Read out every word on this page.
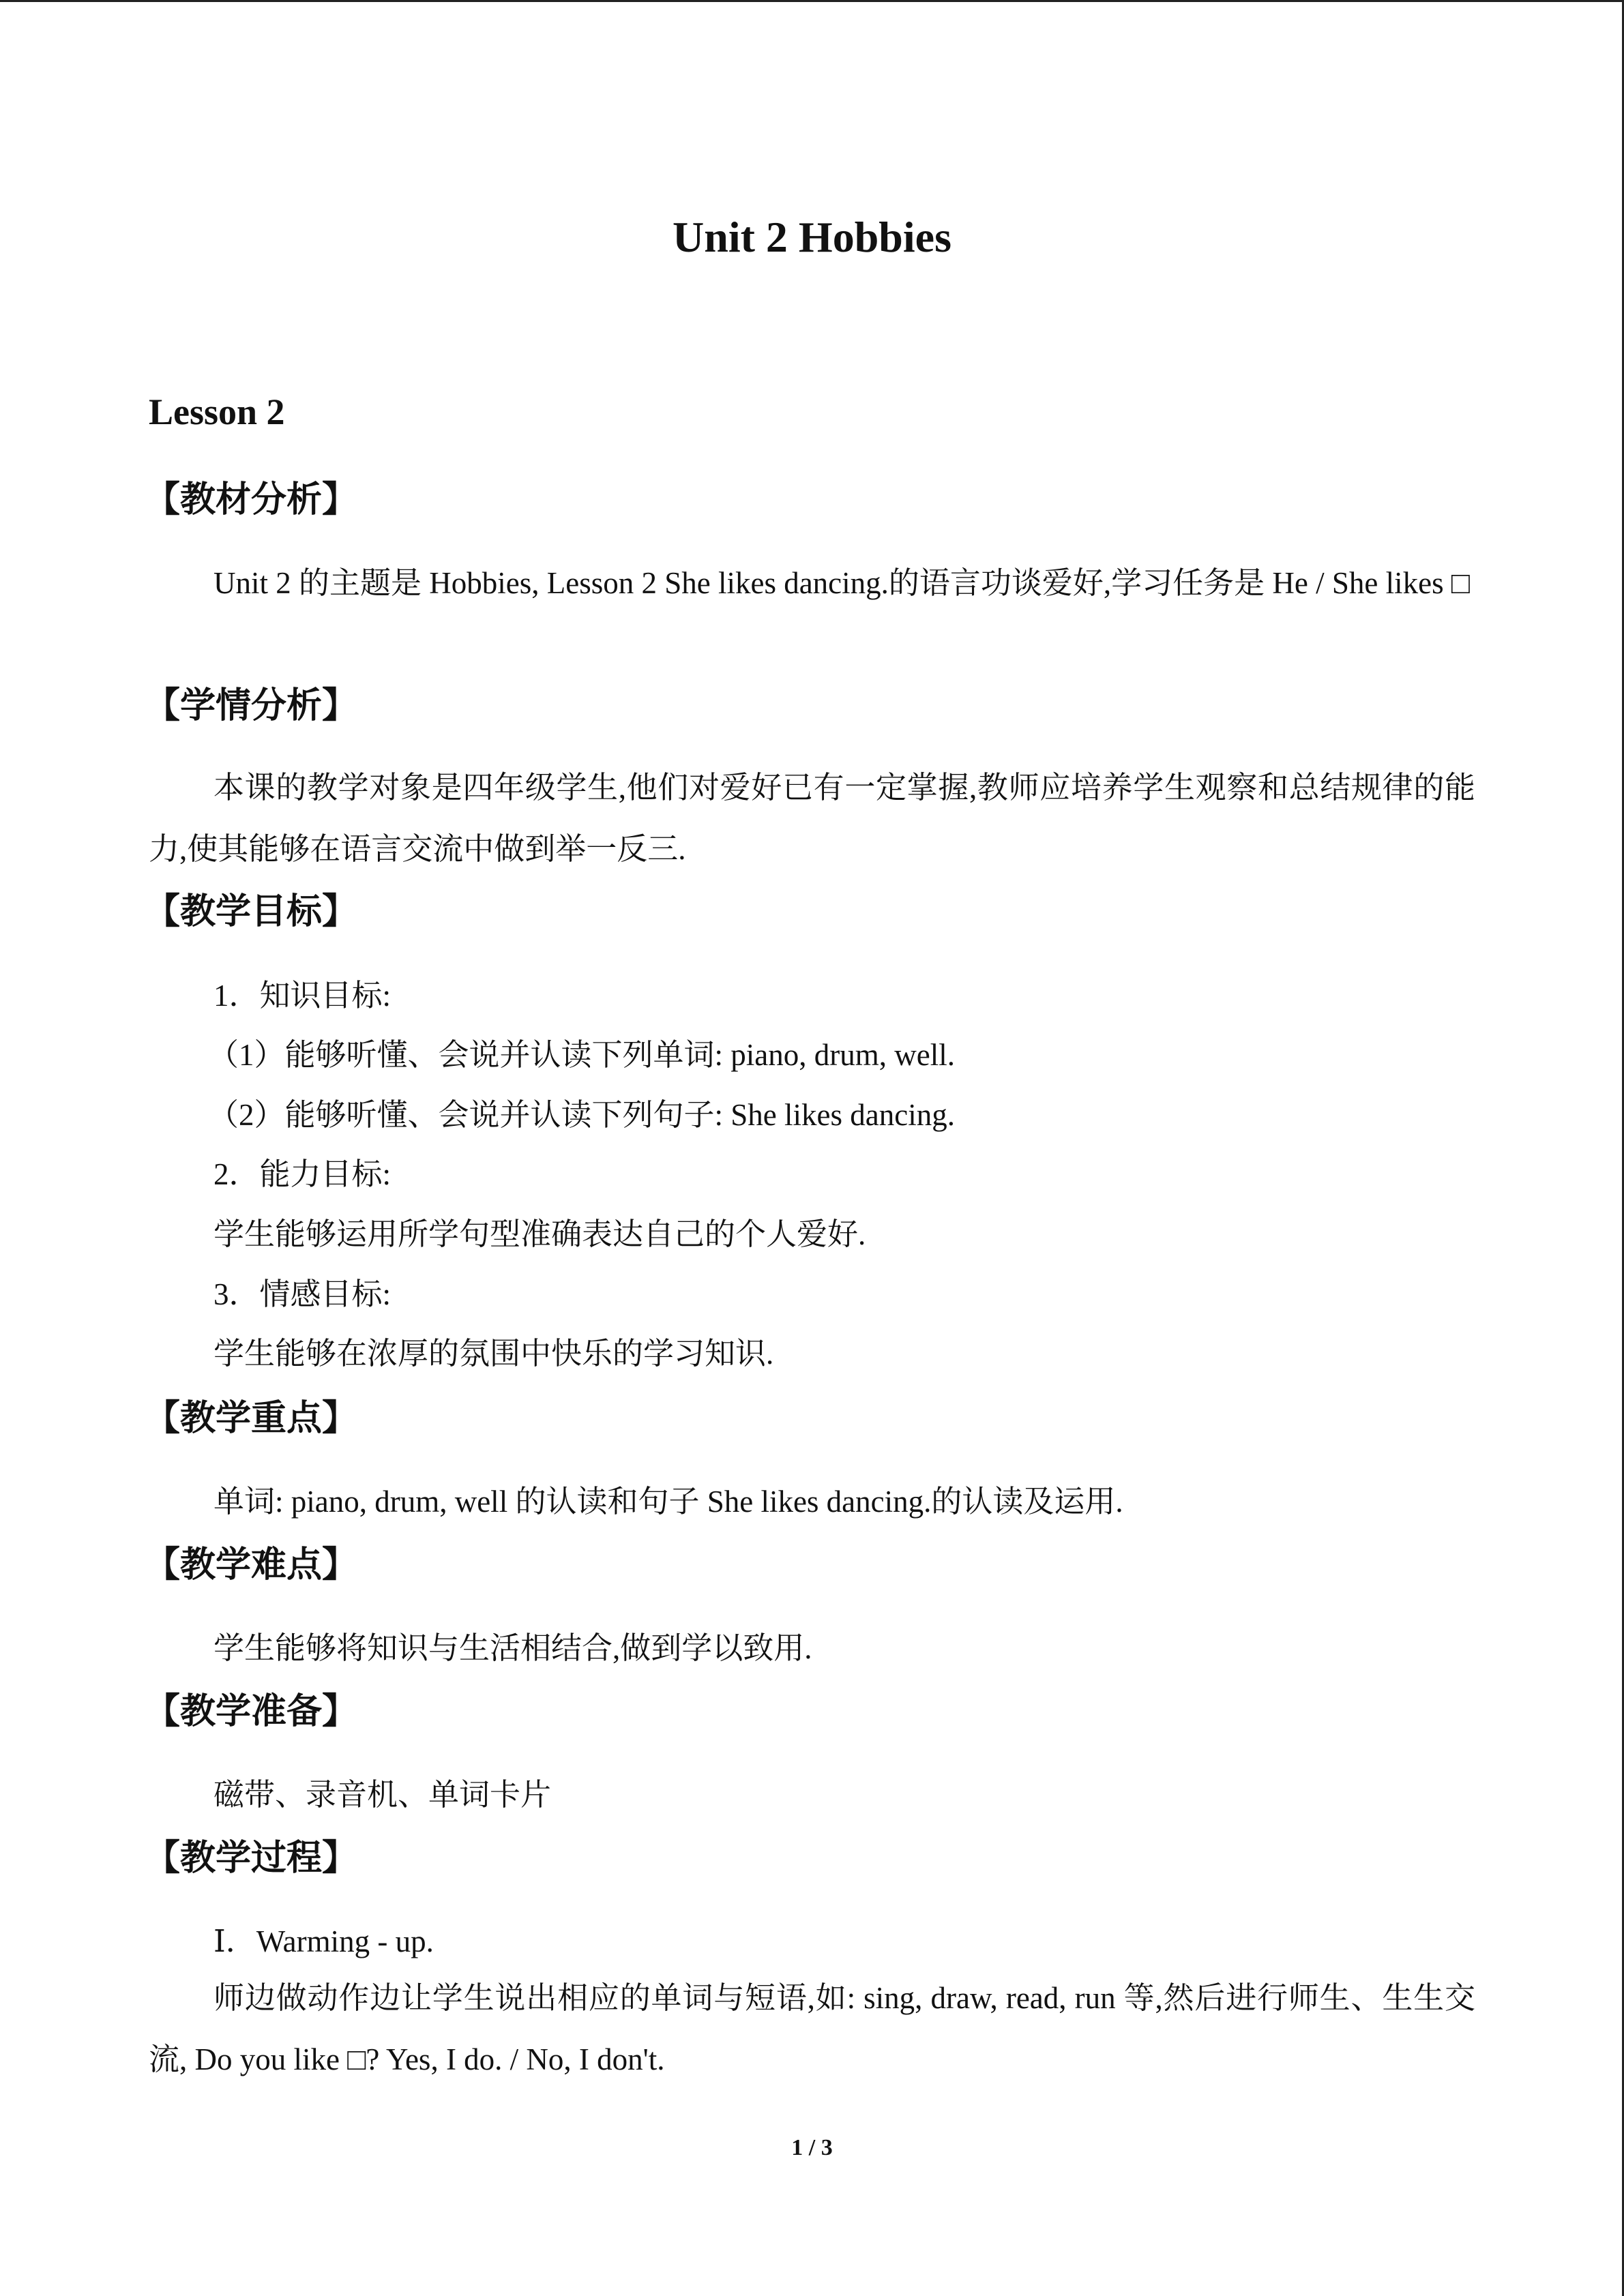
Unit 2 Hobbies
Lesson 2
【教材分析】
Unit 2 的主题是 Hobbies, Lesson 2 She likes dancing.的语言功谈爱好,学习任务是 He / She likes □
【学情分析】
本课的教学对象是四年级学生,他们对爱好已有一定掌握,教师应培养学生观察和总结规律的能力,使其能够在语言交流中做到举一反三.
【教学目标】
1．知识目标:
（1）能够听懂、会说并认读下列单词: piano, drum, well.
（2）能够听懂、会说并认读下列句子: She likes dancing.
2．能力目标:
学生能够运用所学句型准确表达自己的个人爱好.
3．情感目标:
学生能够在浓厚的氛围中快乐的学习知识.
【教学重点】
单词: piano, drum, well 的认读和句子 She likes dancing.的认读及运用.
【教学难点】
学生能够将知识与生活相结合,做到学以致用.
【教学准备】
磁带、录音机、单词卡片
【教学过程】
Ⅰ．Warming - up.
师边做动作边让学生说出相应的单词与短语,如: sing, draw, read, run 等,然后进行师生、生生交流, Do you like □? Yes, I do. / No, I don't.
1 / 3
